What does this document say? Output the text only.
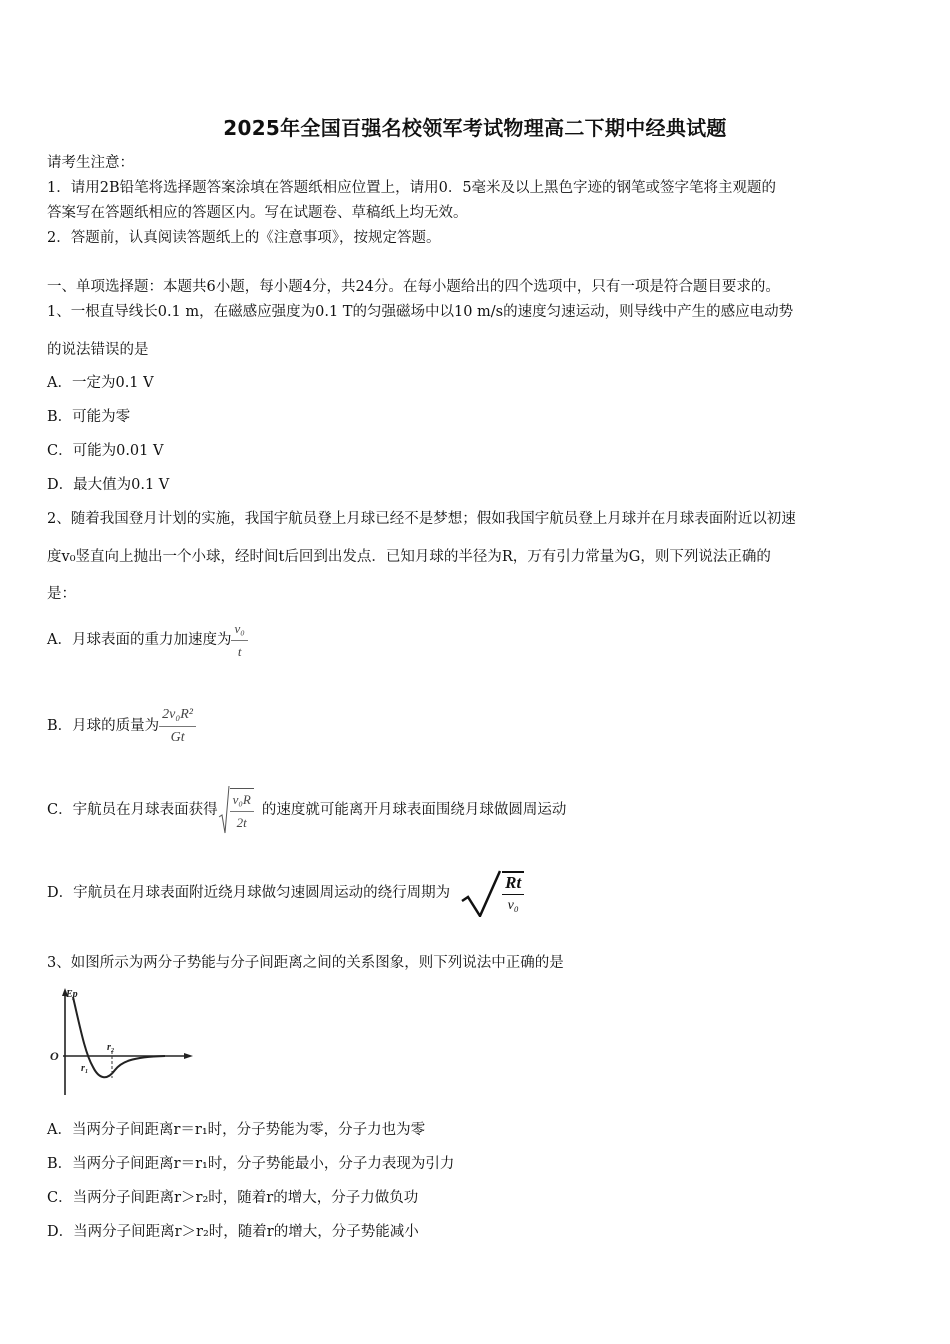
2025年全国百强名校领军考试物理高二下期中经典试题
请考生注意：
1．请用2B铅笔将选择题答案涂填在答题纸相应位置上，请用0．5毫米及以上黑色字迹的钢笔或签字笔将主观题的
答案写在答题纸相应的答题区内。写在试题卷、草稿纸上均无效。
2．答题前，认真阅读答题纸上的《注意事项》，按规定答题。
一、单项选择题：本题共6小题，每小题4分，共24分。在每小题给出的四个选项中，只有一项是符合题目要求的。
1、一根直导线长0.1 m，在磁感应强度为0.1 T的匀强磁场中以10 m/s的速度匀速运动，则导线中产生的感应电动势
的说法错误的是
A．一定为0.1 V
B．可能为零
C．可能为0.01 V
D．最大值为0.1 V
2、随着我国登月计划的实施，我国宇航员登上月球已经不是梦想；假如我国宇航员登上月球并在月球表面附近以初速
度v₀竖直向上抛出一个小球，经时间t后回到出发点．已知月球的半径为R，万有引力常量为G，则下列说法正确的
是：
A．月球表面的重力加速度为 $\frac{\text{v₀}}{t}$
B．月球的质量为 $\frac{\text{2v₀R²}}{Gt}$
C．宇航员在月球表面获得 $\frac{\text{v₀R}}{2t}$ 的速度就可能离开月球表面围绕月球做圆周运动
D．宇航员在月球表面附近绕月球做匀速圆周运动的绕行周期为	$\frac{Rt}{\text{v₀}}$
3、如图所示为两分子势能与分子间距离之间的关系图象，则下列说法中正确的是
Ep
O
r₁
r₂
A．当两分子间距离r＝r₁时，分子势能为零，分子力也为零
B．当两分子间距离r＝r₁时，分子势能最小，分子力表现为引力
C．当两分子间距离r＞r₂时，随着r的增大，分子力做负功
D．当两分子间距离r＞r₂时，随着r的增大，分子势能减小
